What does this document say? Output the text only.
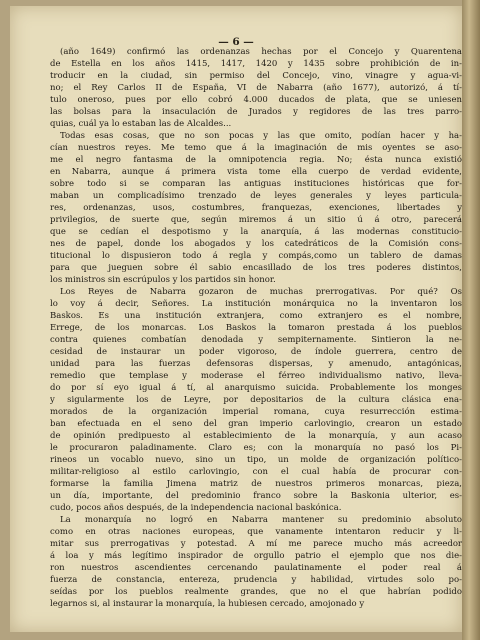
— 6 —
(año 1649) confirmó las ordenanzas hechas por el Concejo y Quarentena
de Estella en los años 1415, 1417, 1420 y 1435 sobre prohibición de in-
troducir en la ciudad, sin permiso del Concejo, vino, vinagre y agua-vi-
no; el Rey Carlos II de España, VI de Nabarra (año 1677), autorizó, á tí-
tulo oneroso, pues por ello cobró 4.000 ducados de plata, que se uniesen
las bolsas para la insaculación de Jurados y regidores de las tres parro-
quias, cuál ya lo estaban las de Alcaldes...
Todas esas cosas, que no son pocas y las que omito, podían hacer y ha-
cían nuestros reyes. Me temo que á la imaginación de mis oyentes se aso-
me el negro fantasma de la omnipotencia regia. No; ésta nunca existió
en Nabarra, aunque á primera vista tome ella cuerpo de verdad evidente,
sobre todo si se comparan las antiguas instituciones históricas que for-
maban un complicadísimo trenzado de leyes generales y leyes particula-
res, ordenanzas, usos, costumbres, franquezas, exenciones, libertades y
privilegios, de suerte que, según miremos á un sitio ú á otro, parecerá
que se cedían el despotismo y la anarquía, á las modernas constitucio-
nes de papel, donde los abogados y los catedráticos de la Comisión cons-
titucional lo dispusieron todo á regla y compás,como un tablero de damas
para que jueguen sobre él sabio encasillado de los tres poderes distintos,
los ministros sin escrúpulos y los partidos sin honor.
Los Reyes de Nabarra gozaron de muchas prerrogativas. Por qué? Os
lo voy á decir, Señores. La institución monárquica no la inventaron los
Baskos. Es una institución extranjera, como extranjero es el nombre,
Errege, de los monarcas. Los Baskos la tomaron prestada á los pueblos
contra quienes combatían denodada y sempiternamente. Sintieron la ne-
cesidad de instaurar un poder vigoroso, de índole guerrera, centro de
unidad para las fuerzas defensoras dispersas, y amenudo, antagónicas,
remedio que templase y moderase el férreo individualismo nativo, lleva-
do por sí eyo igual á tí, al anarquismo suicida. Probablemente los monges
y sigularmente los de Leyre, por depositarios de la cultura clásica ena-
morados de la organización imperial romana, cuya resurrección estima-
ban efectuada en el seno del gran imperio carlovingio, crearon un estado
de opinión predipuesto al establecimiento de la monarquía, y aun acaso
le procuraron paladinamente. Claro es; con la monarquía no pasó los Pi-
rineos un vocablo nuevo, sino un tipo, un molde de organización político-
militar-religioso al estilo carlovingio, con el cual había de procurar con-
formarse la familia Jimena matriz de nuestros primeros monarcas, pieza,
un día, importante, del predominio franco sobre la Baskonia ulterior, es-
cudo, pocos años después, de la independencia nacional baskónica.
La monarquía no logró en Nabarra mantener su predominio absoluto
como en otras naciones europeas, que vanamente intentaron reducir y li-
mitar sus prerrogativas y potestad. A mí me parece mucho más acreedor
á loa y más legítimo inspirador de orgullo patrio el ejemplo que nos die-
ron nuestros ascendientes cercenando paulatinamente el poder real á
fuerza de constancia, entereza, prudencia y habilidad, virtudes solo po-
seídas por los pueblos realmente grandes, que no el que habrían podido
legarnos si, al instaurar la monarquía, la hubiesen cercado, amojonado y
